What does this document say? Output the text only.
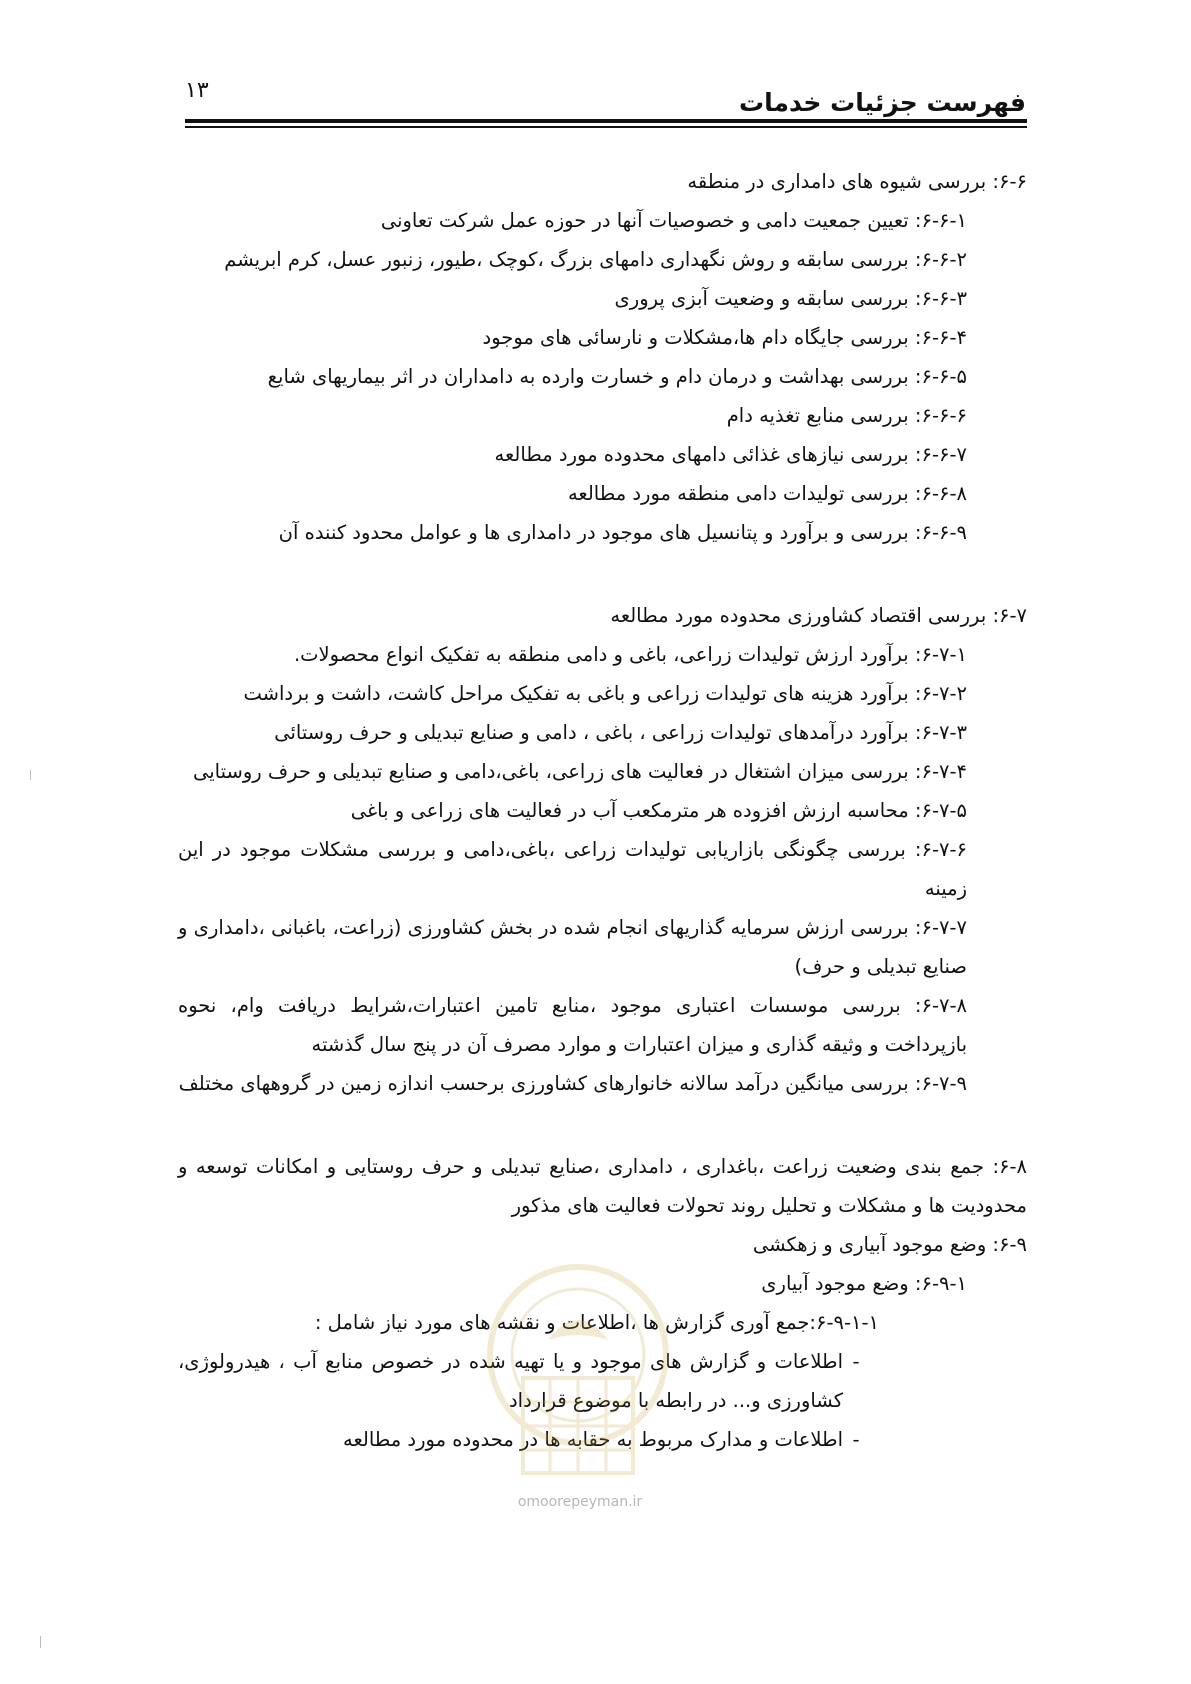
۱۳	فهرست جزئیات خدمات
۶-۶: بررسی شیوه های دامداری در منطقه
۶-۶-۱: تعیین جمعیت دامی و خصوصیات آنها در حوزه عمل شرکت تعاونی
۶-۶-۲: بررسی سابقه و روش نگهداری دامهای بزرگ ،کوچک ،طیور، زنبور عسل، کرم ابریشم
۶-۶-۳: بررسی سابقه و وضعیت آبزی پروری
۶-۶-۴: بررسی جایگاه دام ها،مشکلات و نارسائی های موجود
۶-۶-۵: بررسی بهداشت و درمان دام و خسارت وارده به دامداران در اثر بیماریهای شایع
۶-۶-۶: بررسی منابع تغذیه دام
۶-۶-۷: بررسی نیازهای غذائی دامهای محدوده مورد مطالعه
۶-۶-۸: بررسی تولیدات دامی منطقه مورد مطالعه
۶-۶-۹: بررسی و برآورد و پتانسیل های موجود در دامداری ها و عوامل محدود کننده آن
۶-۷: بررسی اقتصاد کشاورزی محدوده مورد مطالعه
۶-۷-۱: برآورد ارزش تولیدات زراعی، باغی و دامی منطقه به تفکیک انواع محصولات.
۶-۷-۲: برآورد هزینه های تولیدات زراعی و باغی به تفکیک مراحل کاشت، داشت و برداشت
۶-۷-۳: برآورد درآمدهای تولیدات زراعی ، باغی ، دامی و صنایع تبدیلی و حرف روستائی
۶-۷-۴: بررسی میزان اشتغال در فعالیت های زراعی، باغی،دامی و صنایع تبدیلی و حرف روستایی
۶-۷-۵: محاسبه ارزش افزوده هر مترمکعب آب در فعالیت های زراعی و باغی
۶-۷-۶: بررسی چگونگی بازاریابی تولیدات زراعی ،باغی،دامی و بررسی مشکلات موجود در این زمینه
۶-۷-۷: بررسی ارزش سرمایه گذاریهای انجام شده در بخش کشاورزی (زراعت، باغبانی ،دامداری و صنایع تبدیلی و حرف)
۶-۷-۸: بررسی موسسات اعتباری موجود ،منابع تامین اعتبارات،شرایط دریافت وام، نحوه بازپرداخت و وثیقه گذاری و میزان اعتبارات و موارد مصرف آن در پنج سال گذشته
۶-۷-۹: بررسی میانگین درآمد سالانه خانوارهای کشاورزی برحسب اندازه زمین در گروههای مختلف
۶-۸: جمع بندی وضعیت زراعت ،باغداری ، دامداری ،صنایع تبدیلی و حرف روستایی و امکانات توسعه و محدودیت ها و مشکلات و تحلیل روند تحولات فعالیت های مذکور
۶-۹: وضع موجود آبیاری و زهکشی
۶-۹-۱: وضع موجود آبیاری
۶-۹-۱-۱:جمع آوری گزارش ها ،اطلاعات و نقشه های مورد نیاز شامل :
-
اطلاعات و گزارش های موجود و یا تهیه شده در خصوص منابع آب ، هیدرولوژی، کشاورزی و... در رابطه با موضوع قرارداد
-اطلاعات و مدارک مربوط به حقابه ها در محدوده مورد مطالعه
omoorepeyman.ir
